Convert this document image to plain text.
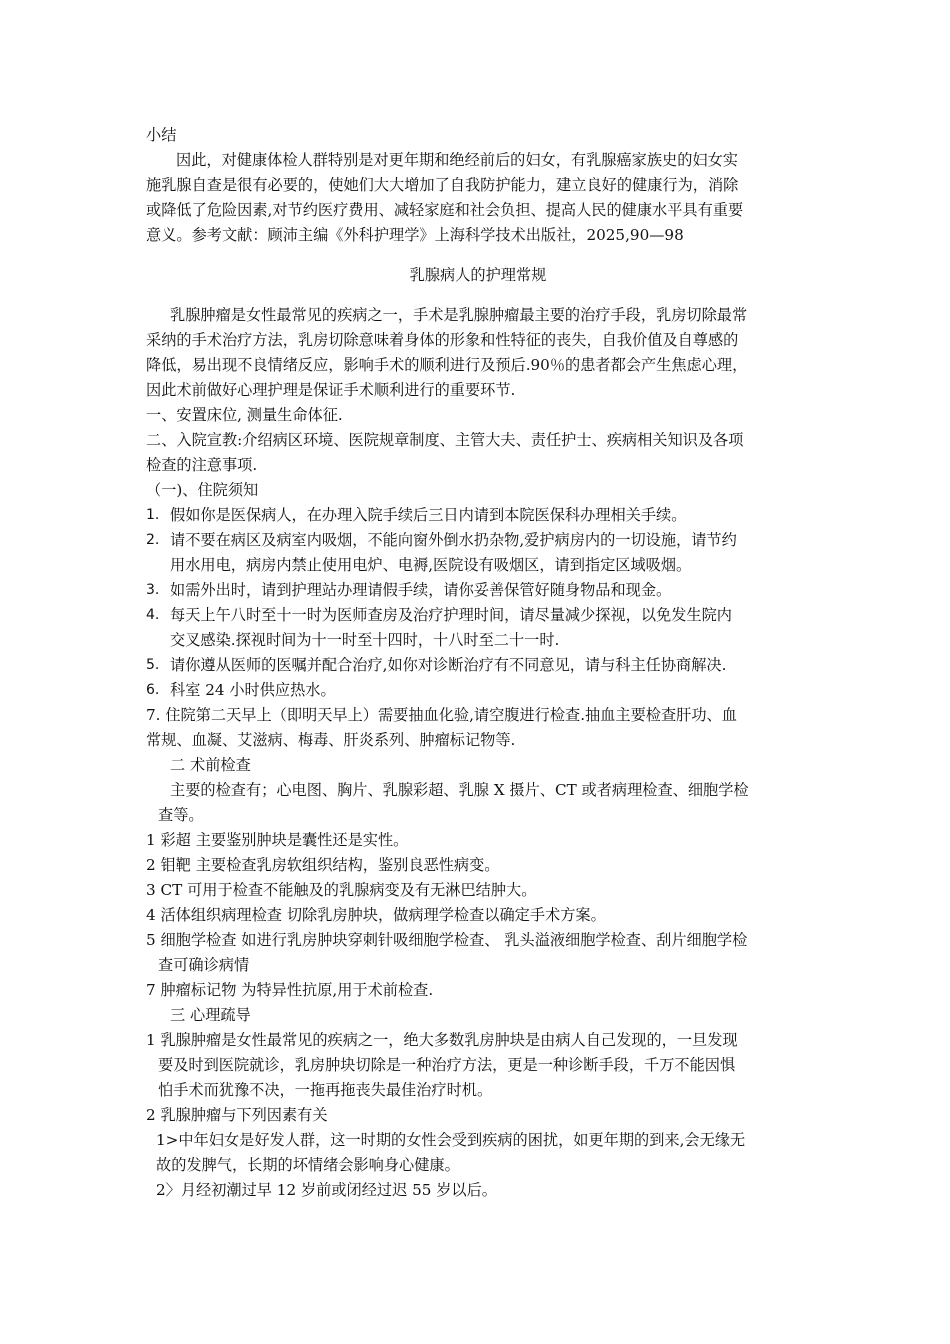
小结

因此，对健康体检人群特别是对更年期和绝经前后的妇女，有乳腺癌家族史的妇女实

施乳腺自查是很有必要的，使她们大大增加了自我防护能力，建立良好的健康行为，消除

或降低了危险因素,对节约医疗费用、减轻家庭和社会负担、提高人民的健康水平具有重要

意义。参考文献：顾沛主编《外科护理学》上海科学技术出版社，2025,90—98

乳腺病人的护理常规

乳腺肿瘤是女性最常见的疾病之一，手术是乳腺肿瘤最主要的治疗手段，乳房切除最常

采纳的手术治疗方法，乳房切除意味着身体的形象和性特征的丧失，自我价值及自尊感的

降低，易出现不良情绪反应，影响手术的顺利进行及预后.90％的患者都会产生焦虑心理，

因此术前做好心理护理是保证手术顺利进行的重要环节.

一、安置床位, 测量生命体征.

二、入院宣教:介绍病区环境、医院规章制度、主管大夫、责任护士、疾病相关知识及各项

检查的注意事项.

（一)、住院须知

1. 假如你是医保病人，在办理入院手续后三日内请到本院医保科办理相关手续。
2. 请不要在病区及病室内吸烟，不能向窗外倒水扔杂物,爱护病房内的一切设施，请节约
用水用电，病房内禁止使用电炉、电褥,医院设有吸烟区，请到指定区域吸烟。
3. 如需外出时，请到护理站办理请假手续，请你妥善保管好随身物品和现金。
4. 每天上午八时至十一时为医师查房及治疗护理时间，请尽量减少探视，以免发生院内
交叉感染.探视时间为十一时至十四时，十八时至二十一时.
5. 请你遵从医师的医嘱并配合治疗,如你对诊断治疗有不同意见，请与科主任协商解决.
6. 科室 24 小时供应热水。

7. 住院第二天早上（即明天早上）需要抽血化验,请空腹进行检查.抽血主要检查肝功、血

常规、血凝、艾滋病、梅毒、肝炎系列、肿瘤标记物等.

二 术前检查

主要的检查有；心电图、胸片、乳腺彩超、乳腺 X 摄片、CT 或者病理检查、细胞学检

查等。

1 彩超 主要鉴别肿块是囊性还是实性。

2 钼靶 主要检查乳房软组织结构，鉴别良恶性病变。

3 CT 可用于检查不能触及的乳腺病变及有无淋巴结肿大。

4 活体组织病理检查 切除乳房肿块，做病理学检查以确定手术方案。

5 细胞学检查 如进行乳房肿块穿刺针吸细胞学检查、 乳头溢液细胞学检查、刮片细胞学检

查可确诊病情

7 肿瘤标记物 为特异性抗原,用于术前检查.

三 心理疏导

1 乳腺肿瘤是女性最常见的疾病之一，绝大多数乳房肿块是由病人自己发现的，一旦发现

要及时到医院就诊，乳房肿块切除是一种治疗方法，更是一种诊断手段，千万不能因惧

怕手术而犹豫不决，一拖再拖丧失最佳治疗时机。

2 乳腺肿瘤与下列因素有关

1>中年妇女是好发人群，这一时期的女性会受到疾病的困扰，如更年期的到来,会无缘无

故的发脾气，长期的坏情绪会影响身心健康。

2〉月经初潮过早 12 岁前或闭经过迟 55 岁以后。
